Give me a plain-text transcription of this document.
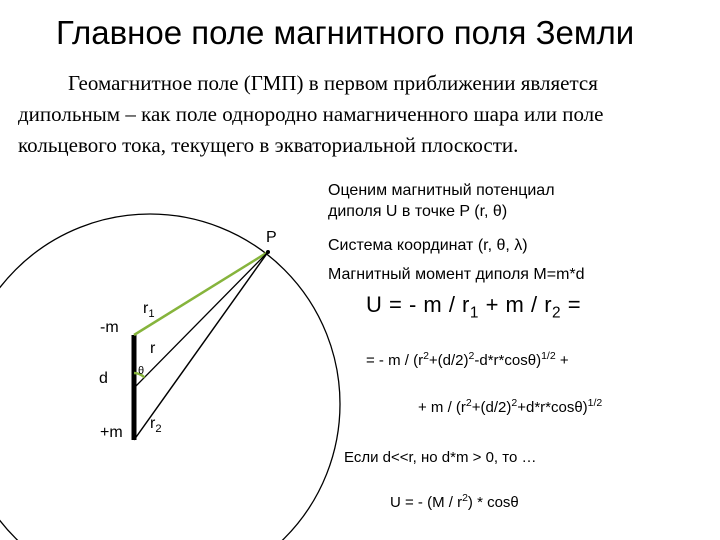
Главное поле магнитного поля Земли
Геомагнитное поле (ГМП) в первом приближении является
дипольным – как поле однородно намагниченного шара или поле
кольцевого тока, текущего в экваториальной плоскости.
P
-m
d
+m
θ
r
$r_1$
$r_2$
Оценим магнитный потенциал
диполя U в точке P (r, θ)
Система координат (r, θ, λ)
Магнитный момент диполя M=m*d
U = - $m / r_1 + m / r_2$ =
= - $m / (r^2+(d/2)^2-d*r*\cos\theta)^{1/2}$ +
+ $m / (r^2+(d/2)^2+d*r*\cos\theta)^{1/2}$
Если d<<r, но d*m > 0, то …
U = - $(M / r^2)$ * cosθ
